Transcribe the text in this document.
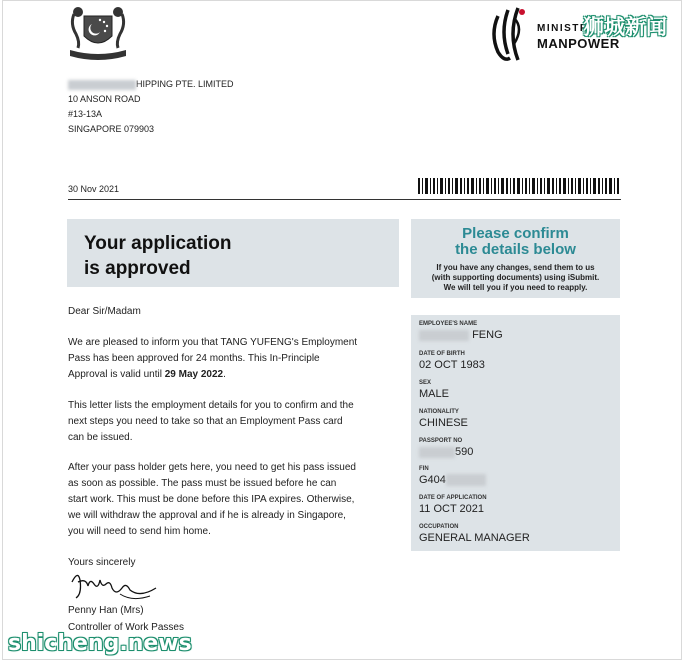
MINISTRY
MANPOWER
狮城新闻
HIPPING PTE. LIMITED
10 ANSON ROAD
#13-13A
SINGAPORE 079903
30 Nov 2021
Your application
is approved
Please confirm
the details below
If you have any changes, send them to us
(with supporting documents) using iSubmit.
We will tell you if you need to reapply.
Dear Sir/Madam
We are pleased to inform you that TANG YUFENG's Employment
Pass has been approved for 24 months. This In-Principle
Approval is valid until 29 May 2022.
This letter lists the employment details for you to confirm and the
next steps you need to take so that an Employment Pass card
can be issued.
After your pass holder gets here, you need to get his pass issued
as soon as possible. The pass must be issued before he can
start work. This must be done before this IPA expires. Otherwise,
we will withdraw the approval and if he is already in Singapore,
you will need to send him home.
Yours sincerely
Penny Han (Mrs)
Controller of Work Passes
EMPLOYEE'S NAME
FENG
DATE OF BIRTH
02 OCT 1983
SEX
MALE
NATIONALITY
CHINESE
PASSPORT NO
590
FIN
G404
DATE OF APPLICATION
11 OCT 2021
OCCUPATION
GENERAL MANAGER
shicheng.news
